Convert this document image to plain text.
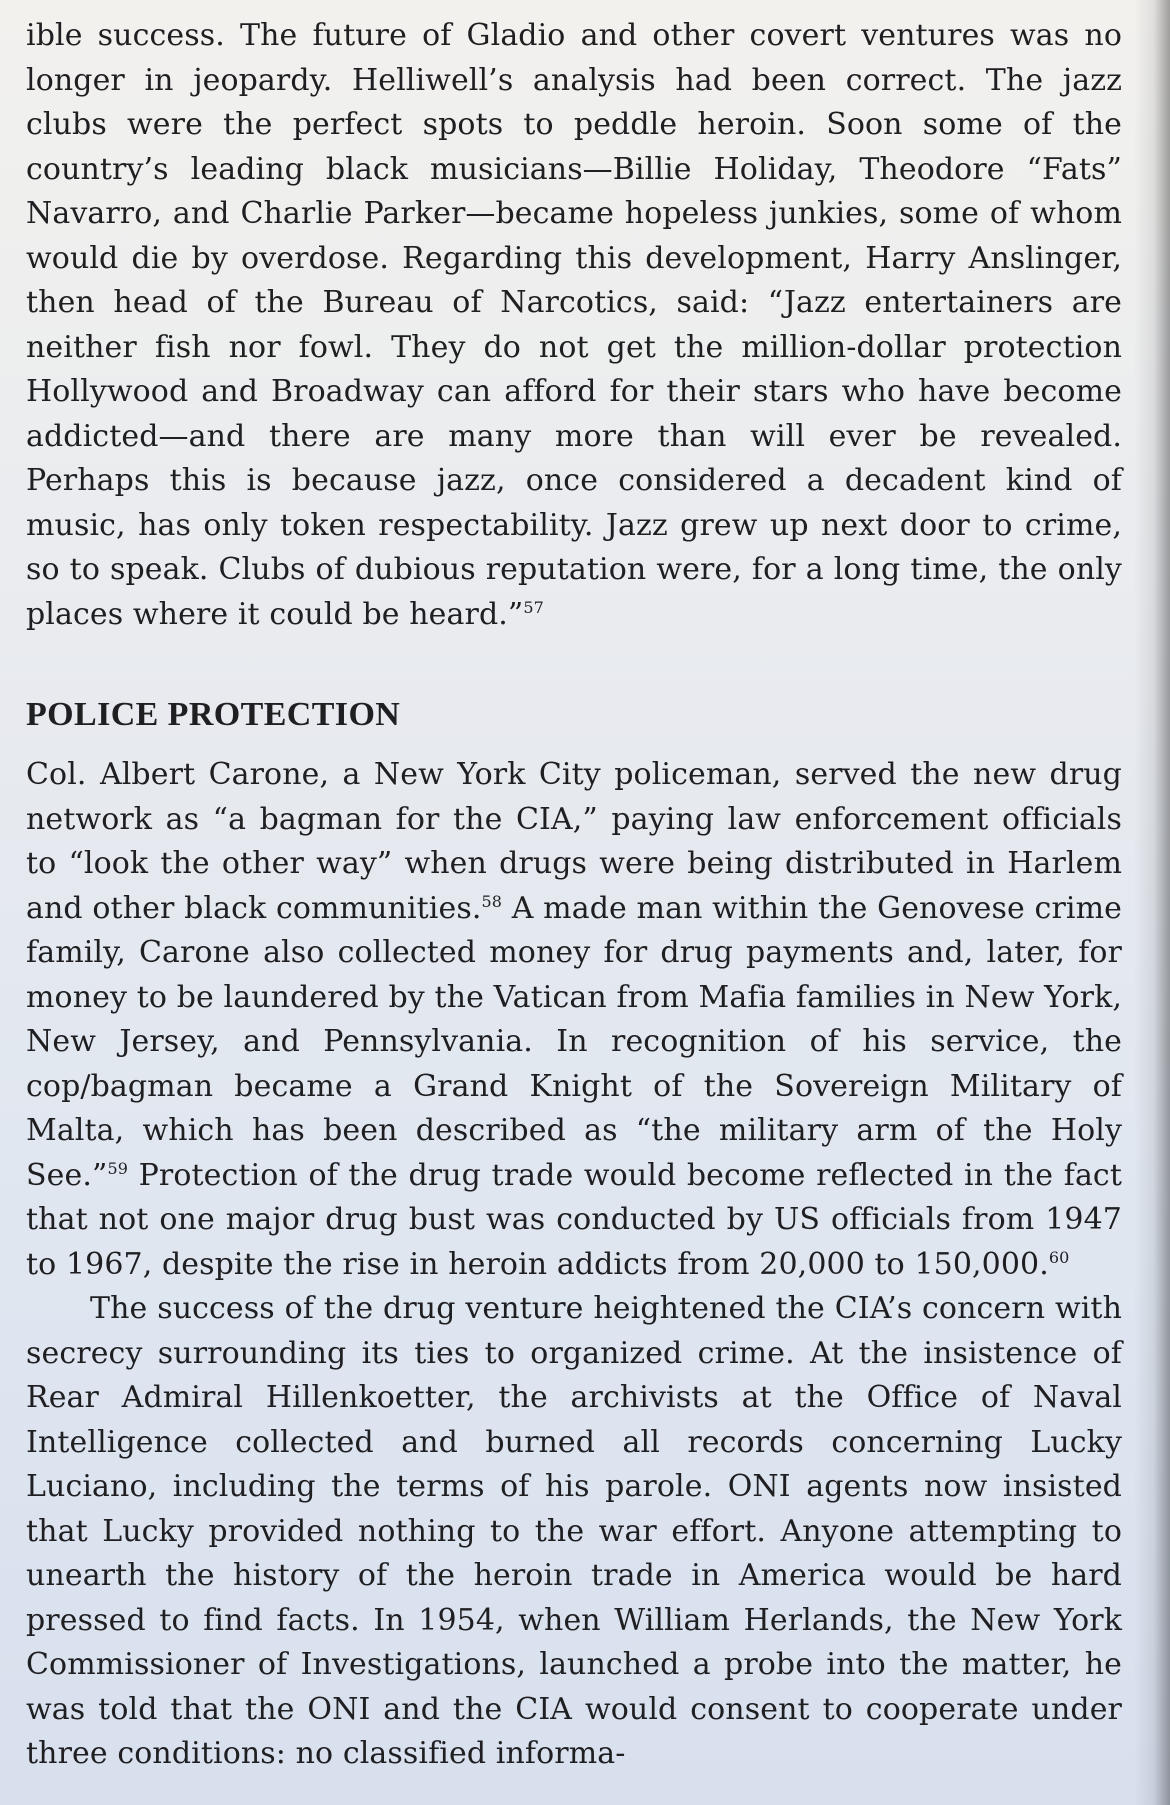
ible success. The future of Gladio and other covert ventures was no longer in jeopardy. Helliwell’s analysis had been correct. The jazz clubs were the perfect spots to peddle heroin. Soon some of the country’s leading black musicians—Billie Holiday, Theodore “Fats” Navarro, and Charlie Parker—became hopeless junkies, some of whom would die by overdose. Regarding this development, Harry Anslinger, then head of the Bureau of Narcotics, said: “Jazz entertainers are neither fish nor fowl. They do not get the million-dollar protection Hollywood and Broadway can afford for their stars who have become addicted—and there are many more than will ever be revealed. Perhaps this is because jazz, once considered a decadent kind of music, has only token respectability. Jazz grew up next door to crime, so to speak. Clubs of dubious reputation were, for a long time, the only places where it could be heard.”$^{57}$

POLICE PROTECTION

Col. Albert Carone, a New York City policeman, served the new drug network as “a bagman for the CIA,” paying law enforcement officials to “look the other way” when drugs were being distributed in Harlem and other black communities.$^{58}$ A made man within the Genovese crime family, Carone also collected money for drug payments and, later, for money to be laundered by the Vatican from Mafia families in New York, New Jersey, and Pennsylvania. In recognition of his service, the cop/bagman became a Grand Knight of the Sovereign Military of Malta, which has been described as “the military arm of the Holy See.”$^{59}$ Protection of the drug trade would become reflected in the fact that not one major drug bust was conducted by US officials from 1947 to 1967, despite the rise in heroin addicts from 20,000 to 150,000.60

The success of the drug venture heightened the CIA’s concern with secrecy surrounding its ties to organized crime. At the insistence of Rear Admiral Hillenkoetter, the archivists at the Office of Naval Intelligence collected and burned all records concerning Lucky Luciano, including the terms of his parole. ONI agents now insisted that Lucky provided nothing to the war effort. Anyone attempting to unearth the history of the heroin trade in America would be hard pressed to find facts. In 1954, when William Herlands, the New York Commissioner of Investigations, launched a probe into the matter, he was told that the ONI and the CIA would consent to cooperate under three conditions: no classified informa-
